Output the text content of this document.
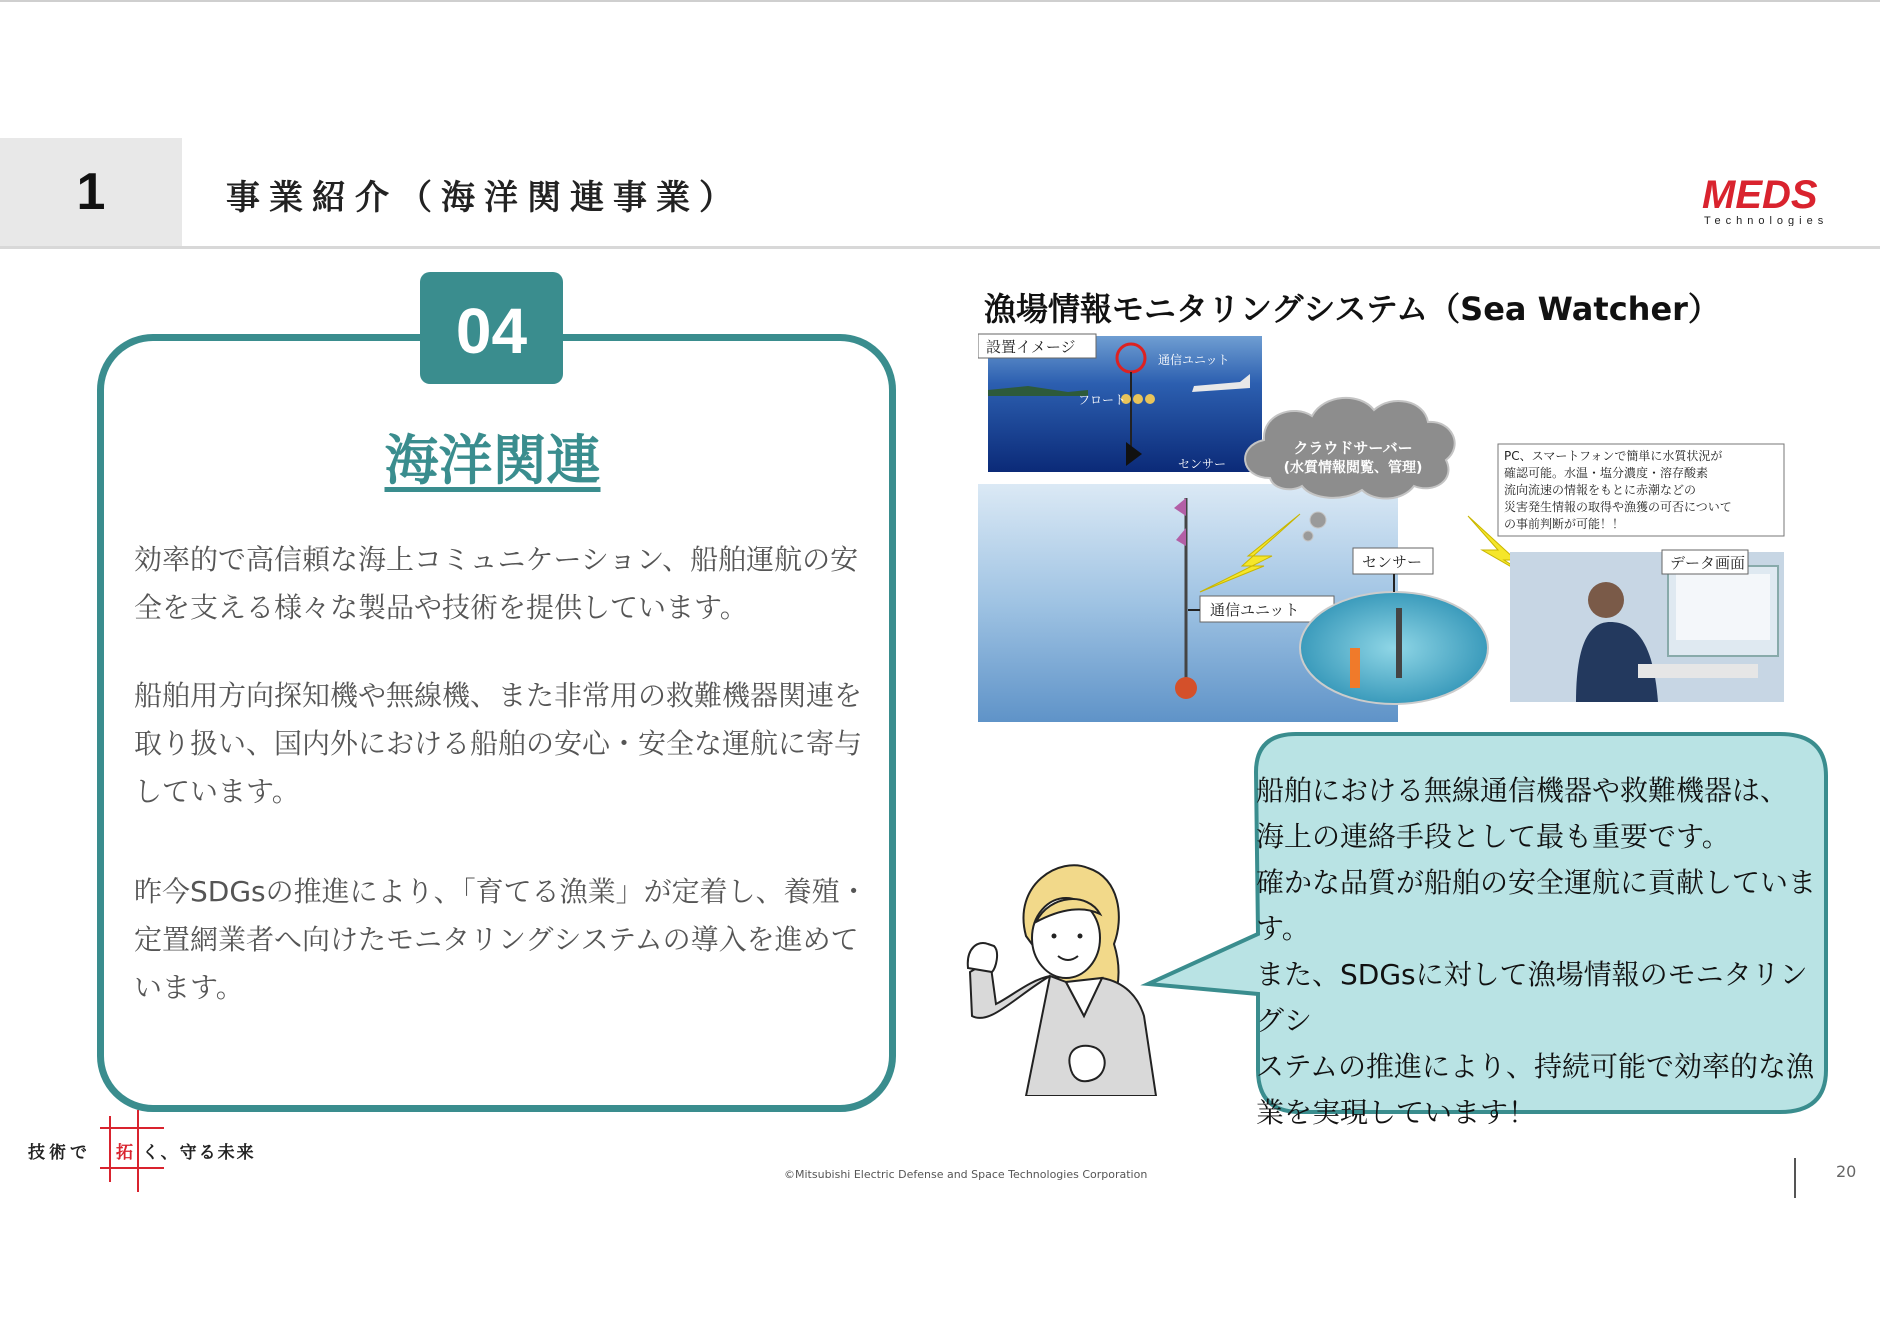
1	事業紹介（海洋関連事業）	MEDS
Technologies
04
海洋関連
効率的で高信頼な海上コミュニケーション、船舶運航の安全を支える様々な製品や技術を提供しています。
船舶用方向探知機や無線機、また非常用の救難機器関連を取り扱い、国内外における船舶の安心・安全な運航に寄与しています。
昨今SDGsの推進により、「育てる漁業」が定着し、養殖・定置網業者へ向けたモニタリングシステムの導入を進めています。
漁場情報モニタリングシステム（Sea Watcher）
設置イメージ
通信ユニット
フロート
センサー
通信ユニット
センサー
クラウドサーバー
(水質情報閲覧、管理)
PC、スマートフォンで簡単に水質状況が 確認可能。水温・塩分濃度・溶存酸素 流向流速の情報をもとに赤潮などの 災害発生情報の取得や漁獲の可否について の事前判断が可能！！
データ画面
船舶における無線通信機器や救難機器は、
海上の連絡手段として最も重要です。
確かな品質が船舶の安全運航に貢献していま
す。
また、SDGsに対して漁場情報のモニタリングシ
ステムの推進により、持続可能で効率的な漁
業を実現しています！
技術で 拓 く、守る未来
©Mitsubishi Electric Defense and Space Technologies Corporation	20
